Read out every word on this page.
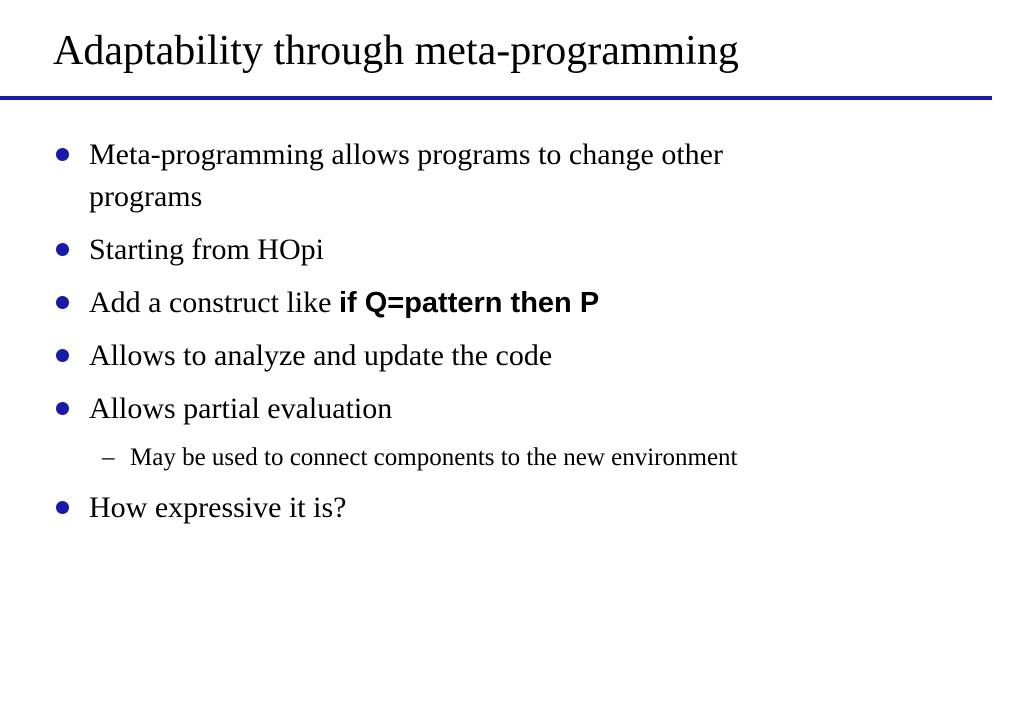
Adaptability through meta-programming
Meta-programming allows programs to change other
programs
Starting from HOpi
Add a construct like if Q=pattern then P
Allows to analyze and update the code
Allows partial evaluation
How expressive it is?
– May be used to connect components to the new environment
